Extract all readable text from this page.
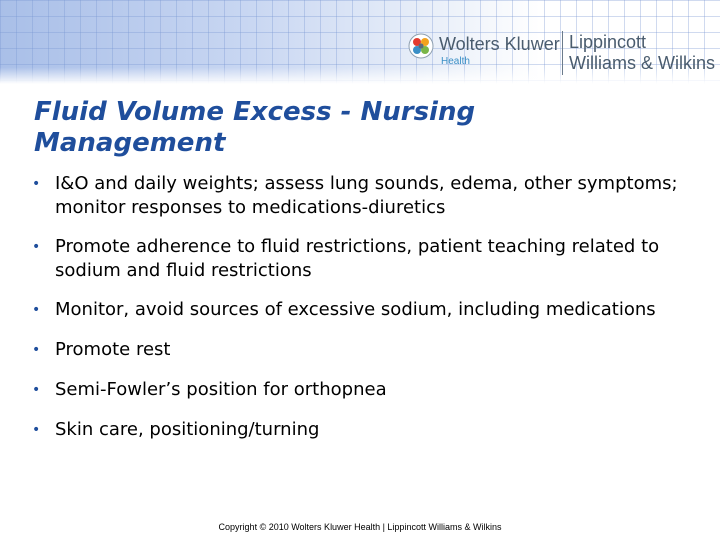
Wolters Kluwer
Health
Lippincott
Williams & Wilkins
Fluid Volume Excess - Nursing Management
• I&O and daily weights; assess lung sounds, edema, other symptoms; monitor responses to medications-diuretics
• Promote adherence to fluid restrictions, patient teaching related to sodium and fluid restrictions
• Monitor, avoid sources of excessive sodium, including medications
• Promote rest
• Semi-Fowler’s position for orthopnea
• Skin care, positioning/turning
Copyright © 2010 Wolters Kluwer Health | Lippincott Williams & Wilkins
